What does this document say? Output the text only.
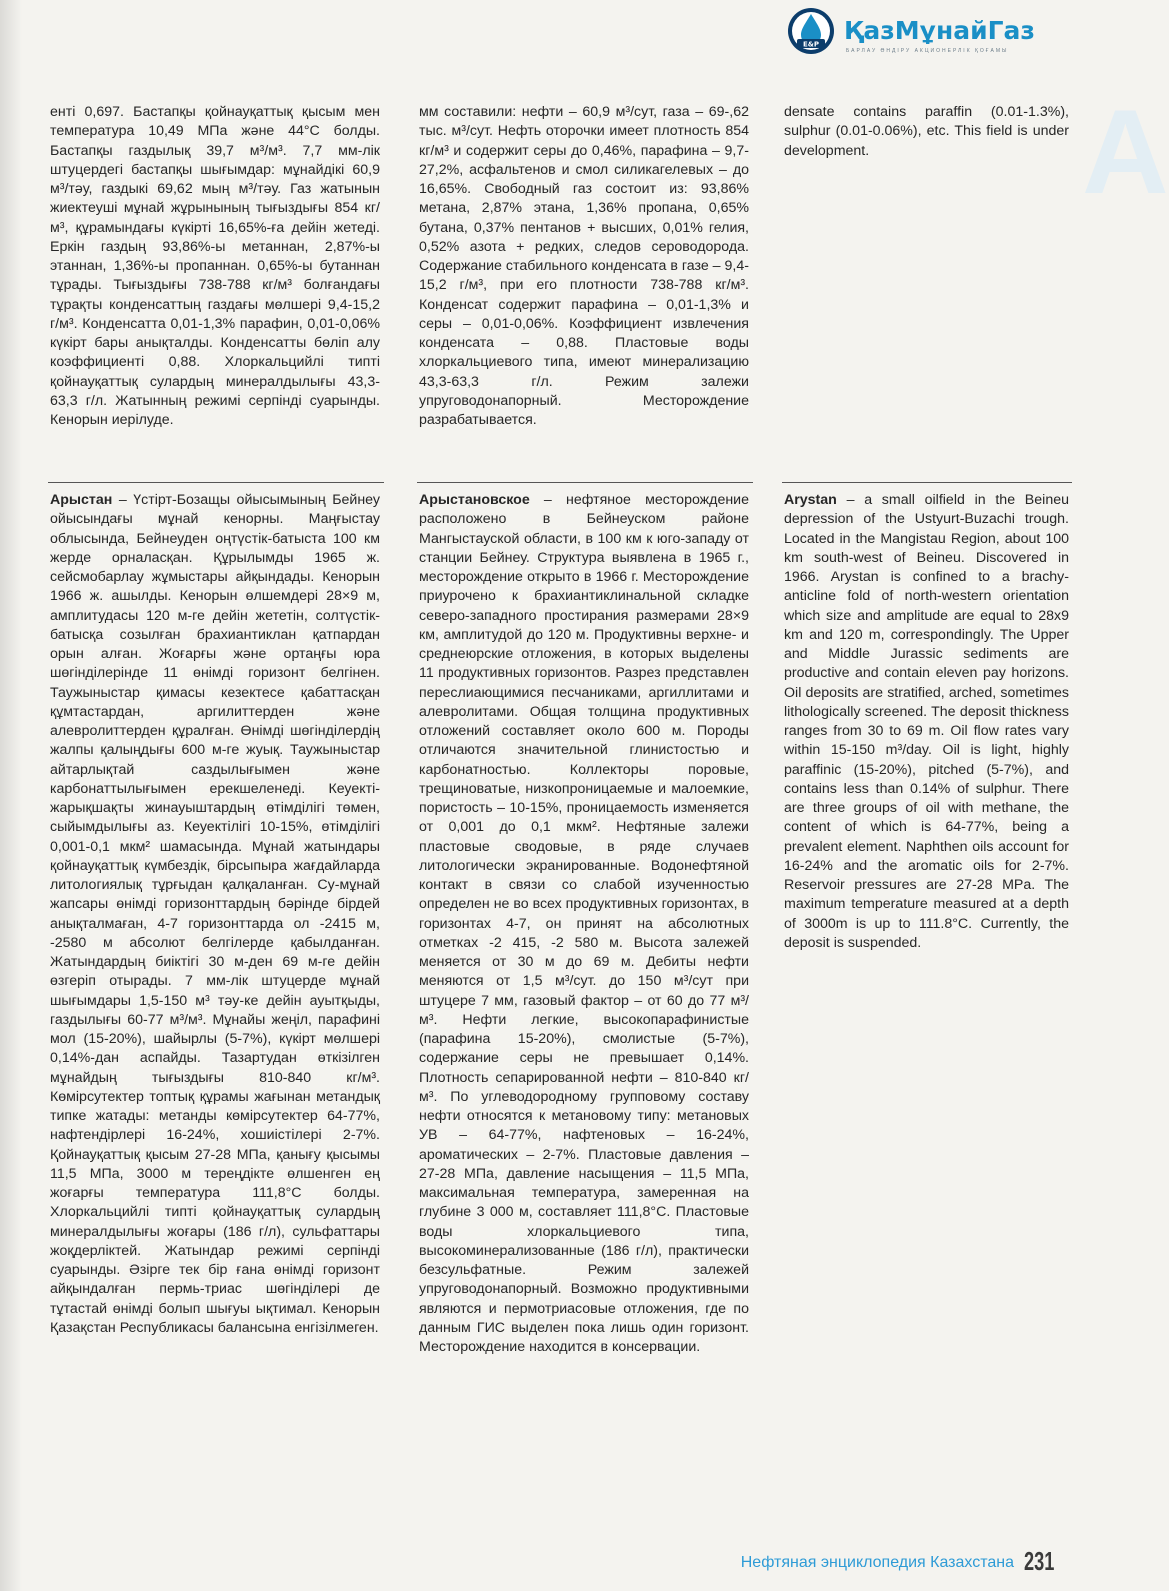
E&P ҚазМұнайГаз
БАРЛАУ ӨНДІРУ АКЦИОНЕРЛІК ҚОҒАМЫ
A
енті 0,697. Бастапқы қойнауқаттық қысым мен температура 10,49 МПа және 44°С болды. Бастапқы газдылық 39,7 м³/м³. 7,7 мм-лік штуцердегі бастапқы шығымдар: мұнайдікі 60,9 м³/тәу, газдыкі 69,62 мың м³/тәу. Газ жатынын жиектеуші мұнай жұрынының тығыздығы 854 кг/м³, құрамындағы күкірті 16,65%-ға дейін жетеді. Еркін газдың 93,86%-ы метаннан, 2,87%-ы этаннан, 1,36%-ы пропаннан. 0,65%-ы бутаннан тұрады. Тығыздығы 738-788 кг/м³ болғандағы тұрақты конденсаттың газдағы мөлшері 9,4-15,2 г/м³. Конденсатта 0,01-1,3% парафин, 0,01-0,06% күкірт бары анықталды. Конденсатты бөліп алу коэффициенті 0,88. Хлоркальцийлі типті қойнауқаттық сулардың минералдылығы 43,3-63,3 г/л. Жатынның режимі серпінді суарынды. Кенорын иерілуде.
мм составили: нефти – 60,9 м³/сут, газа – 69-,62 тыс. м³/сут. Нефть оторочки имеет плотность 854 кг/м³ и содержит серы до 0,46%, парафина – 9,7-27,2%, асфальтенов и смол силикагелевых – до 16,65%. Свободный газ состоит из: 93,86% метана, 2,87% этана, 1,36% пропана, 0,65% бутана, 0,37% пентанов + высших, 0,01% гелия, 0,52% азота + редких, следов сероводорода. Содержание стабильного конденсата в газе – 9,4-15,2 г/м³, при его плотности 738-788 кг/м³. Конденсат содержит парафина – 0,01-1,3% и серы – 0,01-0,06%. Коэффициент извлечения конденсата – 0,88. Пластовые воды хлоркальциевого типа, имеют минерализацию 43,3-63,3 г/л. Режим залежи упруговодонапорный. Месторождение разрабатывается.
densate contains paraffin (0.01-1.3%), sulphur (0.01-0.06%), etc. This field is under development.
Арыстан – Үстірт-Бозащы ойысымының Бейнеу ойысындағы мұнай кенорны. Маңғыстау облысында, Бейнеуден оңтүстік-батыста 100 км жерде орналасқан. Құрылымды 1965 ж. сейсмобарлау жұмыстары айқындады. Кенорын 1966 ж. ашылды. Кенорын өлшемдері 28×9 м, амплитудасы 120 м-ге дейін жететін, солтүстік-батысқа созылған брахиантиклан қатпардан орын алған. Жоғарғы және ортаңғы юра шөгінділерінде 11 өнімді горизонт белгінен. Таужыныстар қимасы кезектесе қабаттасқан құмтастардан, аргилиттерден және алевролиттерден құралған. Өнімді шөгінділердің жалпы қалыңдығы 600 м-ге жуық. Таужыныстар айтарлықтай саздылығымен және карбонаттылығымен ерекшеленеді. Кеуекті-жарықшақты жинауыштардың өтімділігі төмен, сыйымдылығы аз. Кеуектілігі 10-15%, өтімділігі 0,001-0,1 мкм² шамасында. Мұнай жатындары қойнауқаттық күмбездік, бірсыпыра жағдайларда литологиялық тұрғыдан қалқаланған. Су-мұнай жапсары өнімді горизонттардың бәрінде бірдей анықталмаған, 4-7 горизонттарда ол -2415 м, -2580 м абсолют белгілерде қабылданған. Жатындардың биіктігі 30 м-ден 69 м-ге дейін өзгеріп отырады. 7 мм-лік штуцерде мұнай шығымдары 1,5-150 м³ тәу-ке дейін ауытқыды, газдылығы 60-77 м³/м³. Мұнайы жеңіл, парафині мол (15-20%), шайырлы (5-7%), күкірт мөлшері 0,14%-дан аспайды. Тазартудан өткізілген мұнайдың тығыздығы 810-840 кг/м³. Көмірсутектер топтық құрамы жағынан метандық типке жатады: метанды көмірсутектер 64-77%, нафтендірлері 16-24%, хошиістілері 2-7%. Қойнауқаттық қысым 27-28 МПа, қанығу қысымы 11,5 МПа, 3000 м тереңдікте өлшенген ең жоғарғы температура 111,8°С болды. Хлоркальцийлі типті қойнауқаттық сулардың минералдылығы жоғары (186 г/л), сульфаттары жоқдерліктей. Жатындар режимі серпінді суарынды. Әзірге тек бір ғана өнімді горизонт айқындалған пермь-триас шөгінділері де тұтастай өнімді болып шығуы ықтимал. Кенорын Қазақстан Республикасы балансына енгізілмеген.
Арыстановское – нефтяное месторождение расположено в Бейнеуском районе Мангыстауской области, в 100 км к юго-западу от станции Бейнеу. Структура выявлена в 1965 г., месторождение открыто в 1966 г. Месторождение приурочено к брахиантиклинальной складке северо-западного простирания размерами 28×9 км, амплитудой до 120 м. Продуктивны верхне- и среднеюрские отложения, в которых выделены 11 продуктивных горизонтов. Разрез представлен переслиающимися песчаниками, аргиллитами и алевролитами. Общая толщина продуктивных отложений составляет около 600 м. Породы отличаются значительной глинистостью и карбонатностью. Коллекторы поровые, трещиноватые, низкопроницаемые и малоемкие, пористость – 10-15%, проницаемость изменяется от 0,001 до 0,1 мкм². Нефтяные залежи пластовые сводовые, в ряде случаев литологически экранированные. Водонефтяной контакт в связи со слабой изученностью определен не во всех продуктивных горизонтах, в горизонтах 4-7, он принят на абсолютных отметках -2 415, -2 580 м. Высота залежей меняется от 30 м до 69 м. Дебиты нефти меняются от 1,5 м³/сут. до 150 м³/сут при штуцере 7 мм, газовый фактор – от 60 до 77 м³/м³. Нефти легкие, высокопарафинистые (парафина 15-20%), смолистые (5-7%), содержание серы не превышает 0,14%. Плотность сепарированной нефти – 810-840 кг/м³. По углеводородному групповому составу нефти относятся к метановому типу: метановых УВ – 64-77%, нафтеновых – 16-24%, ароматических – 2-7%. Пластовые давления – 27-28 МПа, давление насыщения – 11,5 МПа, максимальная температура, замеренная на глубине 3 000 м, составляет 111,8°С. Пластовые воды хлоркальциевого типа, высокоминерализованные (186 г/л), практически безсульфатные. Режим залежей упруговодонапорный. Возможно продуктивными являются и пермотриасовые отложения, где по данным ГИС выделен пока лишь один горизонт. Месторождение находится в консервации.
Arystan – a small oilfield in the Beineu depression of the Ustyurt-Buzachi trough. Located in the Mangistau Region, about 100 km south-west of Beineu. Discovered in 1966. Arystan is confined to a brachy-anticline fold of north-western orientation which size and amplitude are equal to 28x9 km and 120 m, correspondingly. The Upper and Middle Jurassic sediments are productive and contain eleven pay horizons. Oil deposits are stratified, arched, sometimes lithologically screened. The deposit thickness ranges from 30 to 69 m. Oil flow rates vary within 15-150 m³/day. Oil is light, highly paraffinic (15-20%), pitched (5-7%), and contains less than 0.14% of sulphur. There are three groups of oil with methane, the content of which is 64-77%, being a prevalent element. Naphthen oils account for 16-24% and the aromatic oils for 2-7%. Reservoir pressures are 27-28 MPa. The maximum temperature measured at a depth of 3000m is up to 111.8°C. Currently, the deposit is suspended.
Нефтяная энциклопедия Казахстана 231
